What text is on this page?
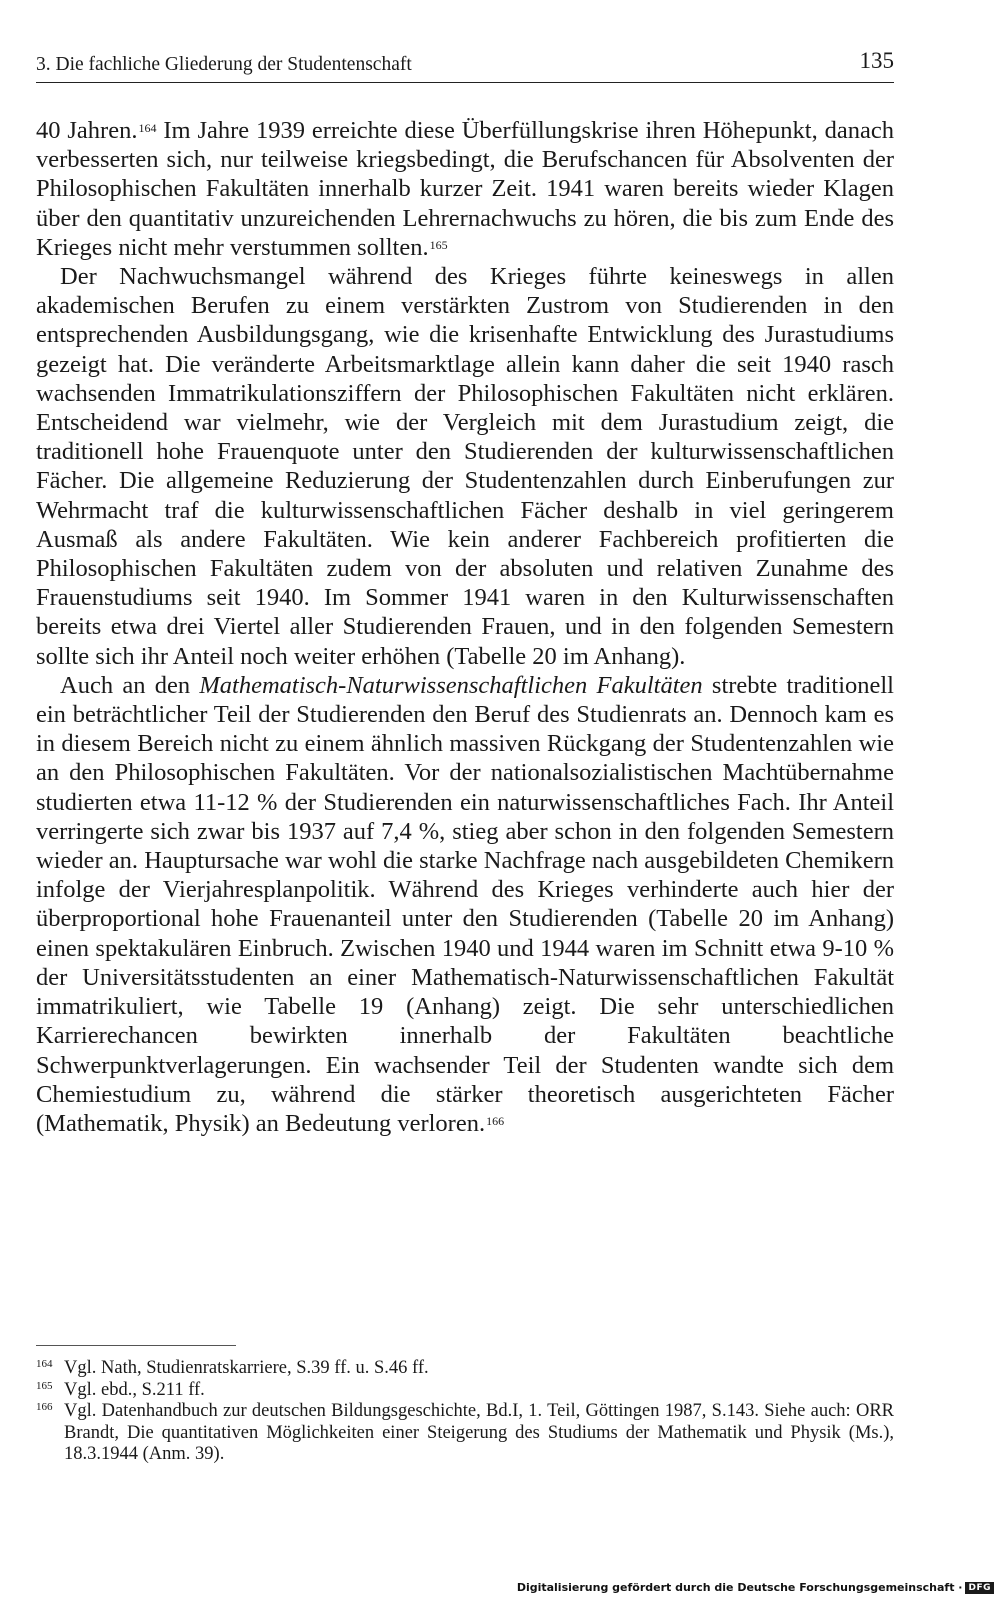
3. Die fachliche Gliederung der Studentenschaft	135

40 Jahren.$^{164}$ Im Jahre 1939 erreichte diese Überfüllungskrise ihren Höhepunkt, danach verbesserten sich, nur teilweise kriegsbedingt, die Berufschancen für Absolventen der Philosophischen Fakultäten innerhalb kurzer Zeit. 1941 waren bereits wieder Klagen über den quantitativ unzureichenden Lehrernachwuchs zu hören, die bis zum Ende des Krieges nicht mehr verstummen sollten.$^{165}$

Der Nachwuchsmangel während des Krieges führte keineswegs in allen akademischen Berufen zu einem verstärkten Zustrom von Studierenden in den entsprechenden Ausbildungsgang, wie die krisenhafte Entwicklung des Jurastudiums gezeigt hat. Die veränderte Arbeitsmarktlage allein kann daher die seit 1940 rasch wachsenden Immatrikulationsziffern der Philosophischen Fakultäten nicht erklären. Entscheidend war vielmehr, wie der Vergleich mit dem Jurastudium zeigt, die traditionell hohe Frauenquote unter den Studierenden der kulturwissenschaftlichen Fächer. Die allgemeine Reduzierung der Studentenzahlen durch Einberufungen zur Wehrmacht traf die kulturwissenschaftlichen Fächer deshalb in viel geringerem Ausmaß als andere Fakultäten. Wie kein anderer Fachbereich profitierten die Philosophischen Fakultäten zudem von der absoluten und relativen Zunahme des Frauenstudiums seit 1940. Im Sommer 1941 waren in den Kulturwissenschaften bereits etwa drei Viertel aller Studierenden Frauen, und in den folgenden Semestern sollte sich ihr Anteil noch weiter erhöhen (Tabelle 20 im Anhang).

Auch an den Mathematisch-Naturwissenschaftlichen Fakultäten strebte traditionell ein beträchtlicher Teil der Studierenden den Beruf des Studienrats an. Dennoch kam es in diesem Bereich nicht zu einem ähnlich massiven Rückgang der Studentenzahlen wie an den Philosophischen Fakultäten. Vor der nationalsozialistischen Machtübernahme studierten etwa 11-12 % der Studierenden ein naturwissenschaftliches Fach. Ihr Anteil verringerte sich zwar bis 1937 auf 7,4 %, stieg aber schon in den folgenden Semestern wieder an. Hauptursache war wohl die starke Nachfrage nach ausgebildeten Chemikern infolge der Vierjahresplanpolitik. Während des Krieges verhinderte auch hier der überproportional hohe Frauenanteil unter den Studierenden (Tabelle 20 im Anhang) einen spektakulären Einbruch. Zwischen 1940 und 1944 waren im Schnitt etwa 9-10 % der Universitätsstudenten an einer Mathematisch-Naturwissenschaftlichen Fakultät immatrikuliert, wie Tabelle 19 (Anhang) zeigt. Die sehr unterschiedlichen Karrierechancen bewirkten innerhalb der Fakultäten beachtliche Schwerpunktverlagerungen. Ein wachsender Teil der Studenten wandte sich dem Chemiestudium zu, während die stärker theoretisch ausgerichteten Fächer (Mathematik, Physik) an Bedeutung verloren.$^{166}$

164 Vgl. Nath, Studienratskarriere, S.39 ff. u. S.46 ff.

165 Vgl. ebd., S.211 ff.

166 Vgl. Datenhandbuch zur deutschen Bildungsgeschichte, Bd.I, 1. Teil, Göttingen 1987, S.143. Siehe auch: ORR Brandt, Die quantitativen Möglichkeiten einer Steigerung des Studiums der Mathematik und Physik (Ms.), 18.3.1944 (Anm. 39).

Digitalisierung gefördert durch die Deutsche Forschungsgemeinschaft · DFG
